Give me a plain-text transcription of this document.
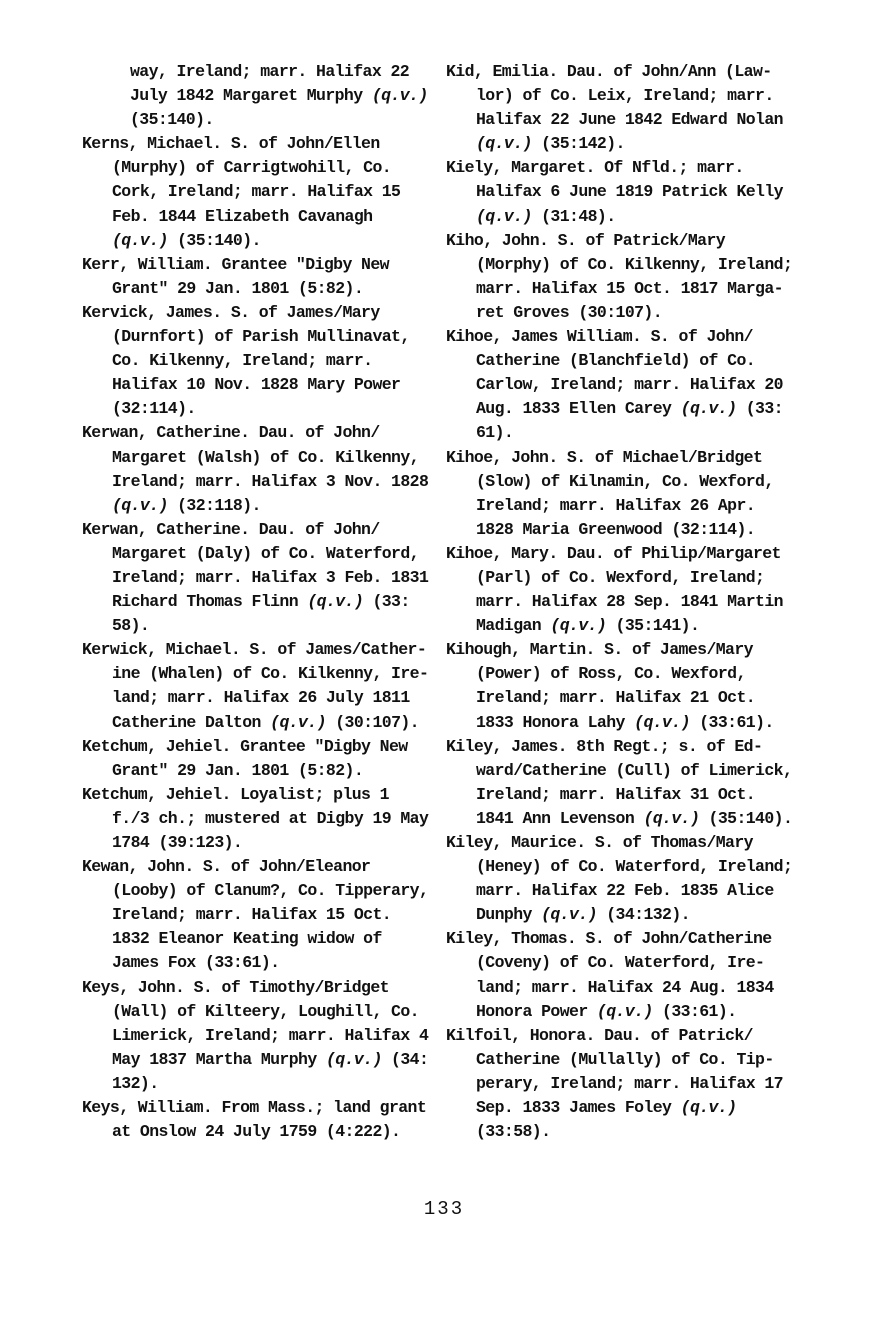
way, Ireland; marr. Halifax 22
July 1842 Margaret Murphy (q.v.)
(35:140).

Kerns, Michael. S. of John/Ellen
(Murphy) of Carrigtwohill, Co.
Cork, Ireland; marr. Halifax 15
Feb. 1844 Elizabeth Cavanagh
(q.v.) (35:140).

Kerr, William. Grantee "Digby New
Grant" 29 Jan. 1801 (5:82).

Kervick, James. S. of James/Mary
(Durnfort) of Parish Mullinavat,
Co. Kilkenny, Ireland; marr.
Halifax 10 Nov. 1828 Mary Power
(32:114).

Kerwan, Catherine. Dau. of John/
Margaret (Walsh) of Co. Kilkenny,
Ireland; marr. Halifax 3 Nov. 1828
(q.v.) (32:118).

Kerwan, Catherine. Dau. of John/
Margaret (Daly) of Co. Waterford,
Ireland; marr. Halifax 3 Feb. 1831
Richard Thomas Flinn (q.v.) (33:
58).

Kerwick, Michael. S. of James/Cather-
ine (Whalen) of Co. Kilkenny, Ire-
land; marr. Halifax 26 July 1811
Catherine Dalton (q.v.) (30:107).

Ketchum, Jehiel. Grantee "Digby New
Grant" 29 Jan. 1801 (5:82).

Ketchum, Jehiel. Loyalist; plus 1
f./3 ch.; mustered at Digby 19 May
1784 (39:123).

Kewan, John. S. of John/Eleanor
(Looby) of Clanum?, Co. Tipperary,
Ireland; marr. Halifax 15 Oct.
1832 Eleanor Keating widow of
James Fox (33:61).

Keys, John. S. of Timothy/Bridget
(Wall) of Kilteery, Loughill, Co.
Limerick, Ireland; marr. Halifax 4
May 1837 Martha Murphy (q.v.) (34:
132).

Keys, William. From Mass.; land grant
at Onslow 24 July 1759 (4:222).

Kid, Emilia. Dau. of John/Ann (Law-
lor) of Co. Leix, Ireland; marr.
Halifax 22 June 1842 Edward Nolan
(q.v.) (35:142).

Kiely, Margaret. Of Nfld.; marr.
Halifax 6 June 1819 Patrick Kelly
(q.v.) (31:48).

Kiho, John. S. of Patrick/Mary
(Morphy) of Co. Kilkenny, Ireland;
marr. Halifax 15 Oct. 1817 Marga-
ret Groves (30:107).

Kihoe, James William. S. of John/
Catherine (Blanchfield) of Co.
Carlow, Ireland; marr. Halifax 20
Aug. 1833 Ellen Carey (q.v.) (33:
61).

Kihoe, John. S. of Michael/Bridget
(Slow) of Kilnamin, Co. Wexford,
Ireland; marr. Halifax 26 Apr.
1828 Maria Greenwood (32:114).

Kihoe, Mary. Dau. of Philip/Margaret
(Parl) of Co. Wexford, Ireland;
marr. Halifax 28 Sep. 1841 Martin
Madigan (q.v.) (35:141).

Kihough, Martin. S. of James/Mary
(Power) of Ross, Co. Wexford,
Ireland; marr. Halifax 21 Oct.
1833 Honora Lahy (q.v.) (33:61).

Kiley, James. 8th Regt.; s. of Ed-
ward/Catherine (Cull) of Limerick,
Ireland; marr. Halifax 31 Oct.
1841 Ann Levenson (q.v.) (35:140).

Kiley, Maurice. S. of Thomas/Mary
(Heney) of Co. Waterford, Ireland;
marr. Halifax 22 Feb. 1835 Alice
Dunphy (q.v.) (34:132).

Kiley, Thomas. S. of John/Catherine
(Coveny) of Co. Waterford, Ire-
land; marr. Halifax 24 Aug. 1834
Honora Power (q.v.) (33:61).

Kilfoil, Honora. Dau. of Patrick/
Catherine (Mullally) of Co. Tip-
perary, Ireland; marr. Halifax 17
Sep. 1833 James Foley (q.v.)
(33:58).

133
